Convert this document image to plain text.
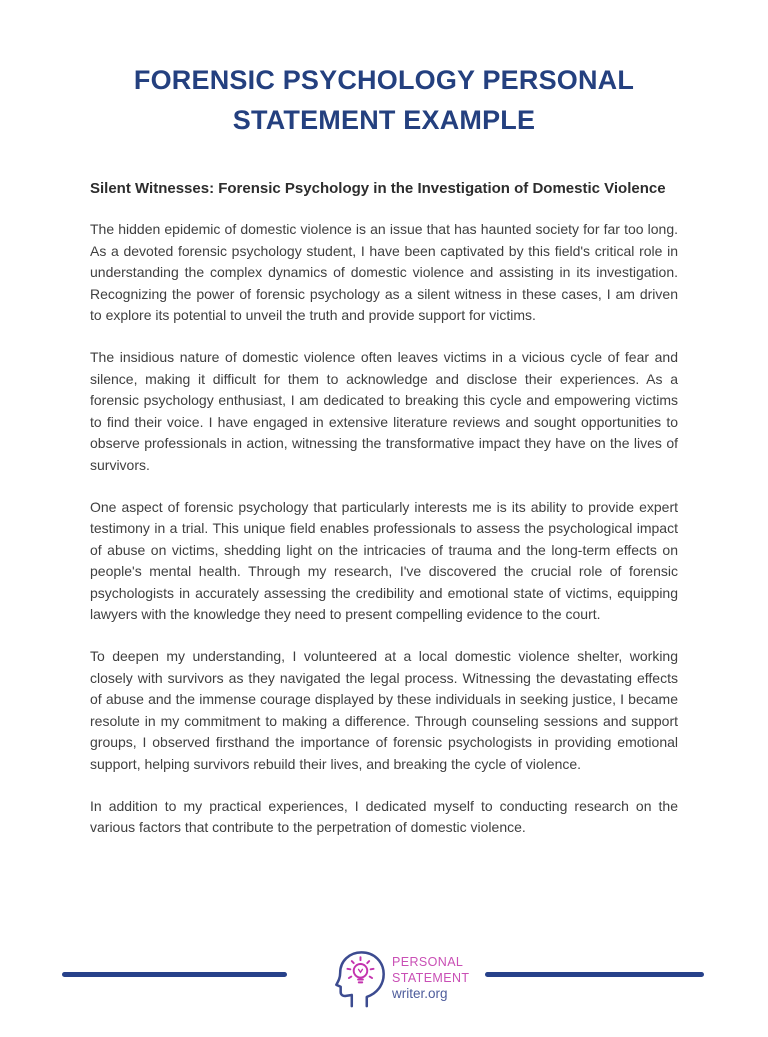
FORENSIC PSYCHOLOGY PERSONAL
STATEMENT EXAMPLE
Silent Witnesses: Forensic Psychology in the Investigation of Domestic Violence

The hidden epidemic of domestic violence is an issue that has haunted society for far too long. As a devoted forensic psychology student, I have been captivated by this field's critical role in understanding the complex dynamics of domestic violence and assisting in its investigation. Recognizing the power of forensic psychology as a silent witness in these cases, I am driven to explore its potential to unveil the truth and provide support for victims.

The insidious nature of domestic violence often leaves victims in a vicious cycle of fear and silence, making it difficult for them to acknowledge and disclose their experiences. As a forensic psychology enthusiast, I am dedicated to breaking this cycle and empowering victims to find their voice. I have engaged in extensive literature reviews and sought opportunities to observe professionals in action, witnessing the transformative impact they have on the lives of survivors.

One aspect of forensic psychology that particularly interests me is its ability to provide expert testimony in a trial. This unique field enables professionals to assess the psychological impact of abuse on victims, shedding light on the intricacies of trauma and the long-term effects on people's mental health. Through my research, I've discovered the crucial role of forensic psychologists in accurately assessing the credibility and emotional state of victims, equipping lawyers with the knowledge they need to present compelling evidence to the court.

To deepen my understanding, I volunteered at a local domestic violence shelter, working closely with survivors as they navigated the legal process. Witnessing the devastating effects of abuse and the immense courage displayed by these individuals in seeking justice, I became resolute in my commitment to making a difference. Through counseling sessions and support groups, I observed firsthand the importance of forensic psychologists in providing emotional support, helping survivors rebuild their lives, and breaking the cycle of violence.

In addition to my practical experiences, I dedicated myself to conducting research on the various factors that contribute to the perpetration of domestic violence.

PERSONAL
STATEMENT
writer.org
